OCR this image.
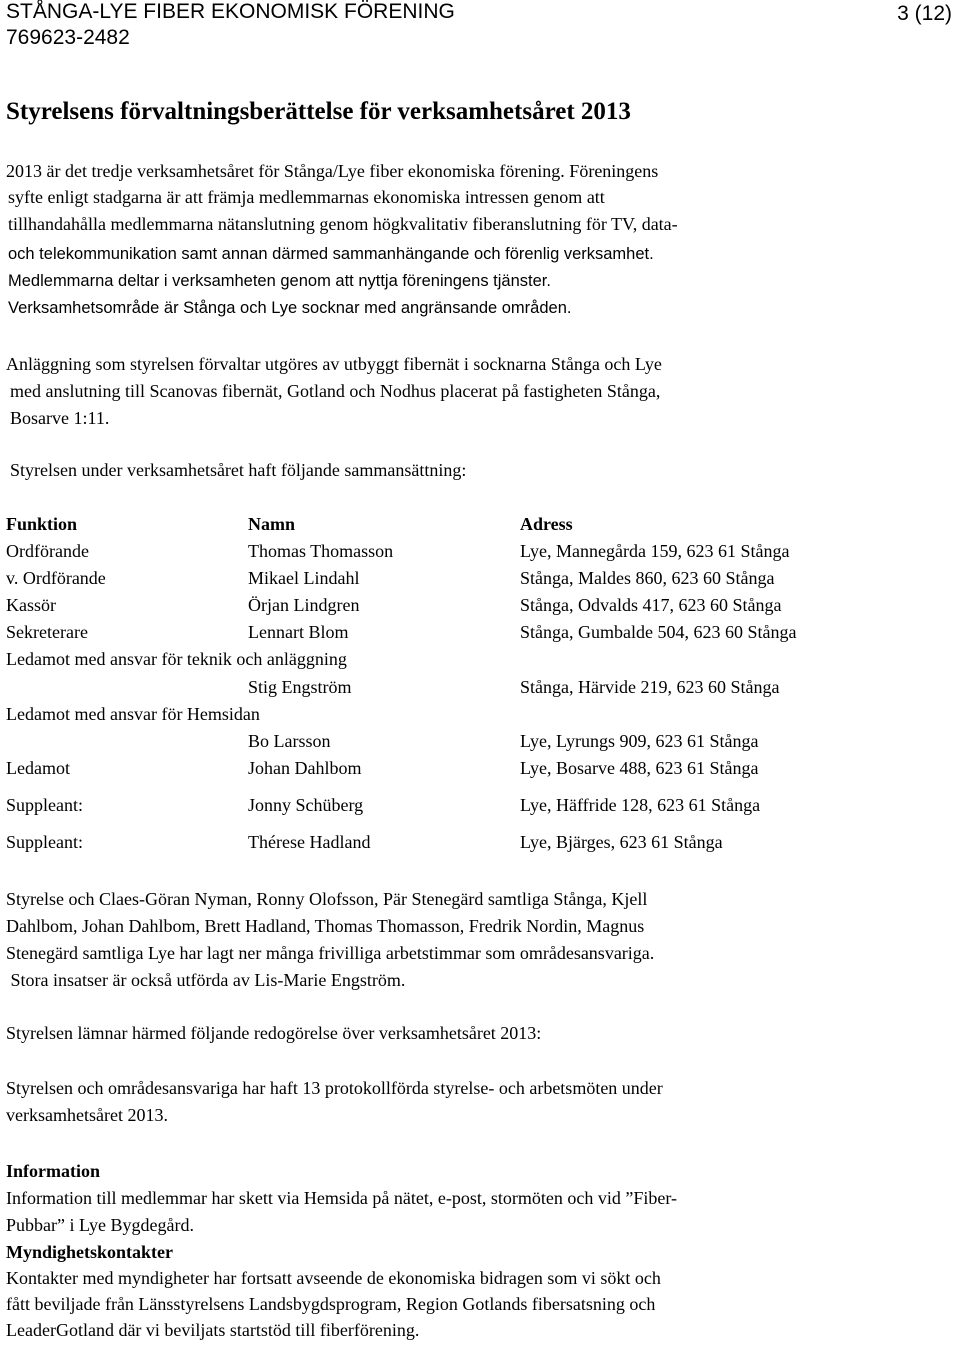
STÅNGA-LYE FIBER EKONOMISK FÖRENING
769623-2482
3 (12)
Styrelsens förvaltningsberättelse för verksamhetsåret 2013
2013 är det tredje verksamhetsåret för Stånga/Lye fiber ekonomiska förening. Föreningens
syfte enligt stadgarna är att främja medlemmarnas ekonomiska intressen genom att
tillhandahålla medlemmarna nätanslutning genom högkvalitativ fiberanslutning för TV, data-
och telekommunikation samt annan därmed sammanhängande och förenlig verksamhet.
Medlemmarna deltar i verksamheten genom att nyttja föreningens tjänster.
Verksamhetsområde är Stånga och Lye socknar med angränsande områden.
Anläggning som styrelsen förvaltar utgöres av utbyggt fibernät i socknarna Stånga och Lye
med anslutning till Scanovas fibernät, Gotland och Nodhus placerat på fastigheten Stånga,
Bosarve 1:11.
Styrelsen under verksamhetsåret haft följande sammansättning:
Funktion	Namn	Adress
Ordförande	Thomas Thomasson	Lye, Mannegårda 159, 623 61 Stånga
v. Ordförande	Mikael Lindahl	Stånga, Maldes 860, 623 60 Stånga
Kassör	Örjan Lindgren	Stånga, Odvalds 417, 623 60 Stånga
Sekreterare	Lennart Blom	Stånga, Gumbalde 504, 623 60 Stånga
Ledamot med ansvar för teknik och anläggning
Stig Engström	Stånga, Härvide 219, 623 60 Stånga
Ledamot med ansvar för Hemsidan
Bo Larsson	Lye, Lyrungs 909, 623 61 Stånga
Ledamot	Johan Dahlbom	Lye, Bosarve 488, 623 61 Stånga
Suppleant:	Jonny Schüberg	Lye, Häffride 128, 623 61 Stånga
Suppleant:	Thérese Hadland	Lye, Bjärges, 623 61 Stånga
Styrelse och Claes-Göran Nyman, Ronny Olofsson, Pär Stenegärd samtliga Stånga, Kjell
Dahlbom, Johan Dahlbom, Brett Hadland, Thomas Thomasson, Fredrik Nordin, Magnus
Stenegärd samtliga Lye har lagt ner många frivilliga arbetstimmar som områdesansvariga.
Stora insatser är också utförda av Lis-Marie Engström.
Styrelsen lämnar härmed följande redogörelse över verksamhetsåret 2013:
Styrelsen och områdesansvariga har haft 13 protokollförda styrelse- och arbetsmöten under
verksamhetsåret 2013.
Information
Information till medlemmar har skett via Hemsida på nätet, e-post, stormöten och vid ”Fiber-
Pubbar” i Lye Bygdegård.
Myndighetskontakter
Kontakter med myndigheter har fortsatt avseende de ekonomiska bidragen som vi sökt och
fått beviljade från Länsstyrelsens Landsbygdsprogram, Region Gotlands fibersatsning och
LeaderGotland där vi beviljats startstöd till fiberförening.
